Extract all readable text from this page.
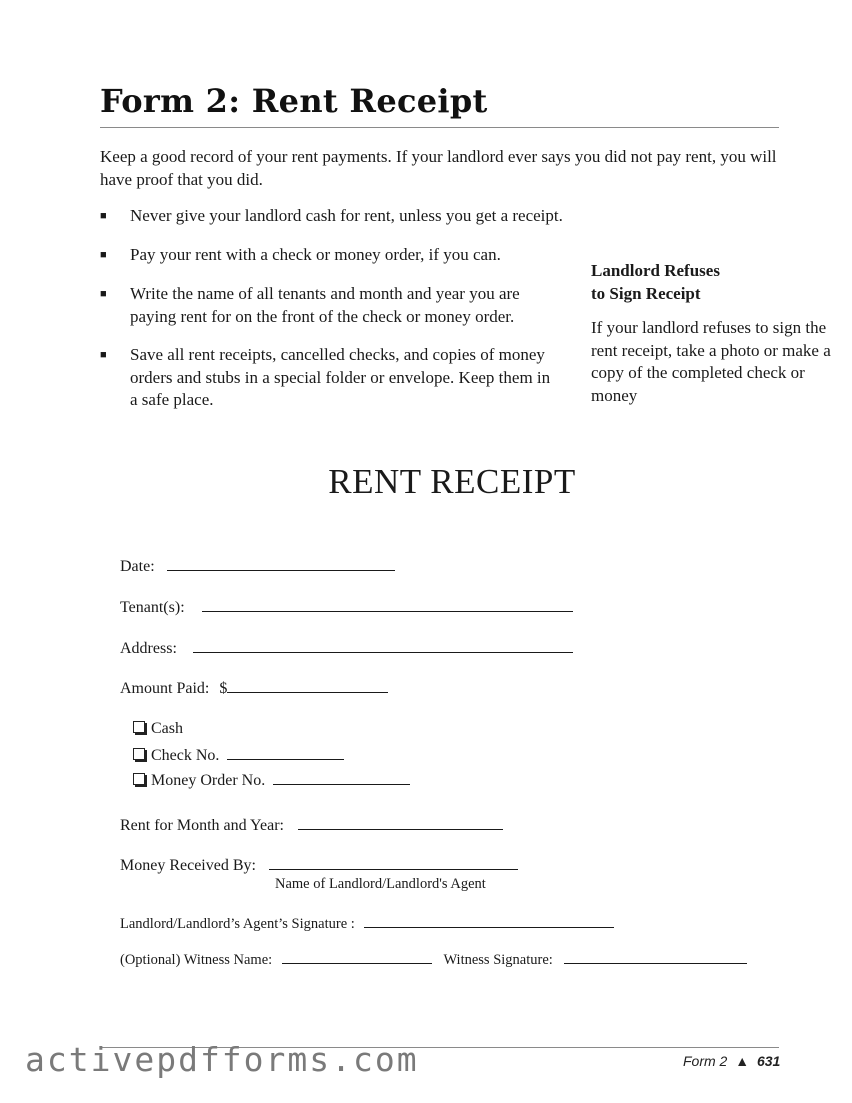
Form 2: Rent Receipt
Keep a good record of your rent payments. If your landlord ever says you did not pay rent, you will have proof that you did.
■	Never give your landlord cash for rent, unless you get a receipt.
■	Pay your rent with a check or money order, if you can.
■	Write the name of all tenants and month and year you are paying rent for on the front of the check or money order.
■	Save all rent receipts, cancelled checks, and copies of money orders and stubs in a special folder or envelope. Keep them in a safe place.
Landlord Refuses
to Sign Receipt
If your landlord refuses to sign the rent receipt, take a photo or make a copy of the completed check or money
RENT RECEIPT
Date:
Tenant(s):
Address:
Amount Paid: $
Cash
Check No.
Money Order No.
Rent for Month and Year:
Money Received By:
Name of Landlord/Landlord's Agent
Landlord/Landlord’s Agent’s Signature :
(Optional) Witness Name:	Witness Signature:
activepdfforms.com	Form 2 ▲ 631
